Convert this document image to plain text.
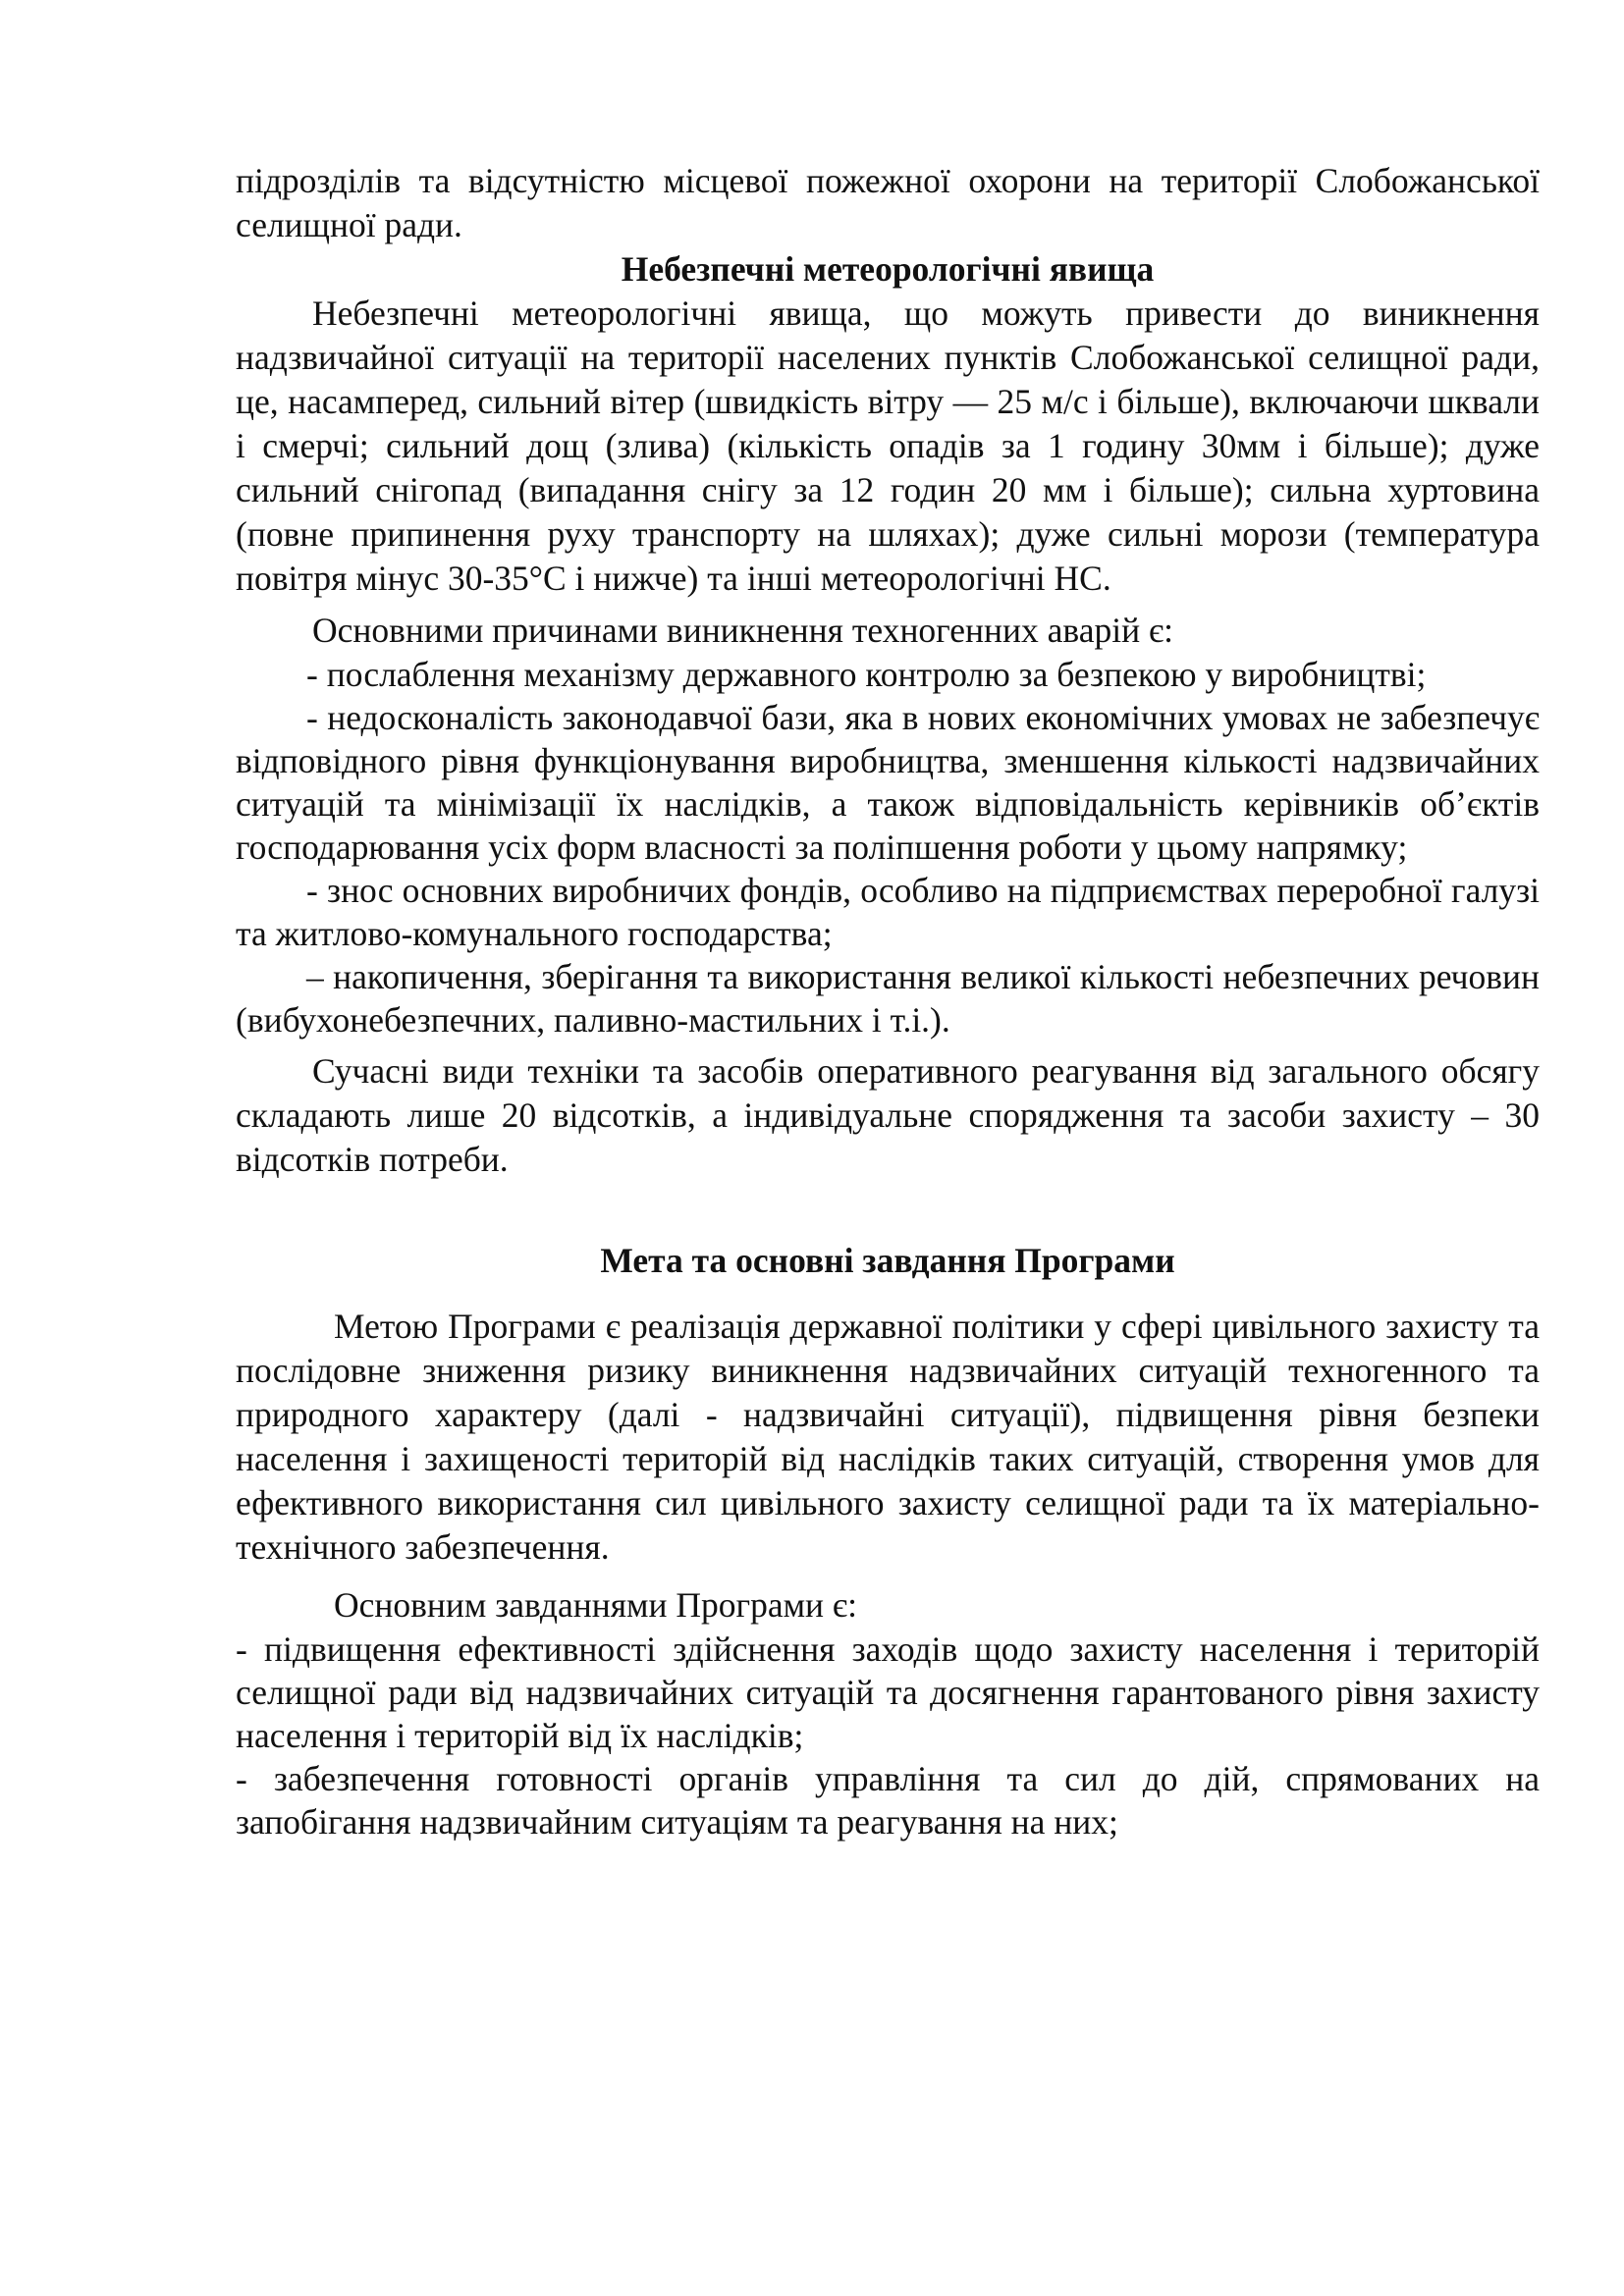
підрозділів та відсутністю місцевої пожежної охорони на території Слобожанської селищної ради.

Небезпечні метеорологічні явища

Небезпечні метеорологічні явища, що можуть привести до виникнення надзвичайної ситуації на території населених пунктів Слобожанської селищної ради, це, насамперед, сильний вітер (швидкість вітру — 25 м/с і більше), включаючи шквали і смерчі; сильний дощ (злива) (кількість опадів за 1 годину 30мм і більше); дуже сильний снігопад (випадання снігу за 12 годин 20 мм і більше); сильна хуртовина (повне припинення руху транспорту на шляхах); дуже сильні морози (температура повітря мінус 30-35°С і нижче) та інші метеорологічні НС.

Основними причинами виникнення техногенних аварій є:

- послаблення механізму державного контролю за безпекою у виробництві;

- недосконалість законодавчої бази, яка в нових економічних умовах не забезпечує відповідного рівня функціонування виробництва, зменшення кількості надзвичайних ситуацій та мінімізації їх наслідків, а також відповідальність керівників об’єктів господарювання усіх форм власності за поліпшення роботи у цьому напрямку;

- знос основних виробничих фондів, особливо на підприємствах переробної галузі та житлово-комунального господарства;

– накопичення, зберігання та використання великої кількості небезпечних речовин (вибухонебезпечних, паливно-мастильних і т.і.).

Сучасні види техніки та засобів оперативного реагування від загального обсягу складають лише 20 відсотків, а індивідуальне спорядження та засоби захисту – 30 відсотків потреби.

Мета та основні завдання Програми

Метою Програми є реалізація державної політики у сфері цивільного захисту та послідовне зниження ризику виникнення надзвичайних ситуацій техногенного та природного характеру (далі - надзвичайні ситуації), підвищення рівня безпеки населення і захищеності територій від наслідків таких ситуацій, створення умов для ефективного використання сил цивільного захисту селищної ради та їх матеріально-технічного забезпечення.

Основним завданнями Програми є:

- підвищення ефективності здійснення заходів щодо захисту населення і територій селищної ради від надзвичайних ситуацій та досягнення гарантованого рівня захисту населення і територій від їх наслідків;

- забезпечення готовності органів управління та сил до дій, спрямованих на запобігання надзвичайним ситуаціям та реагування на них;
